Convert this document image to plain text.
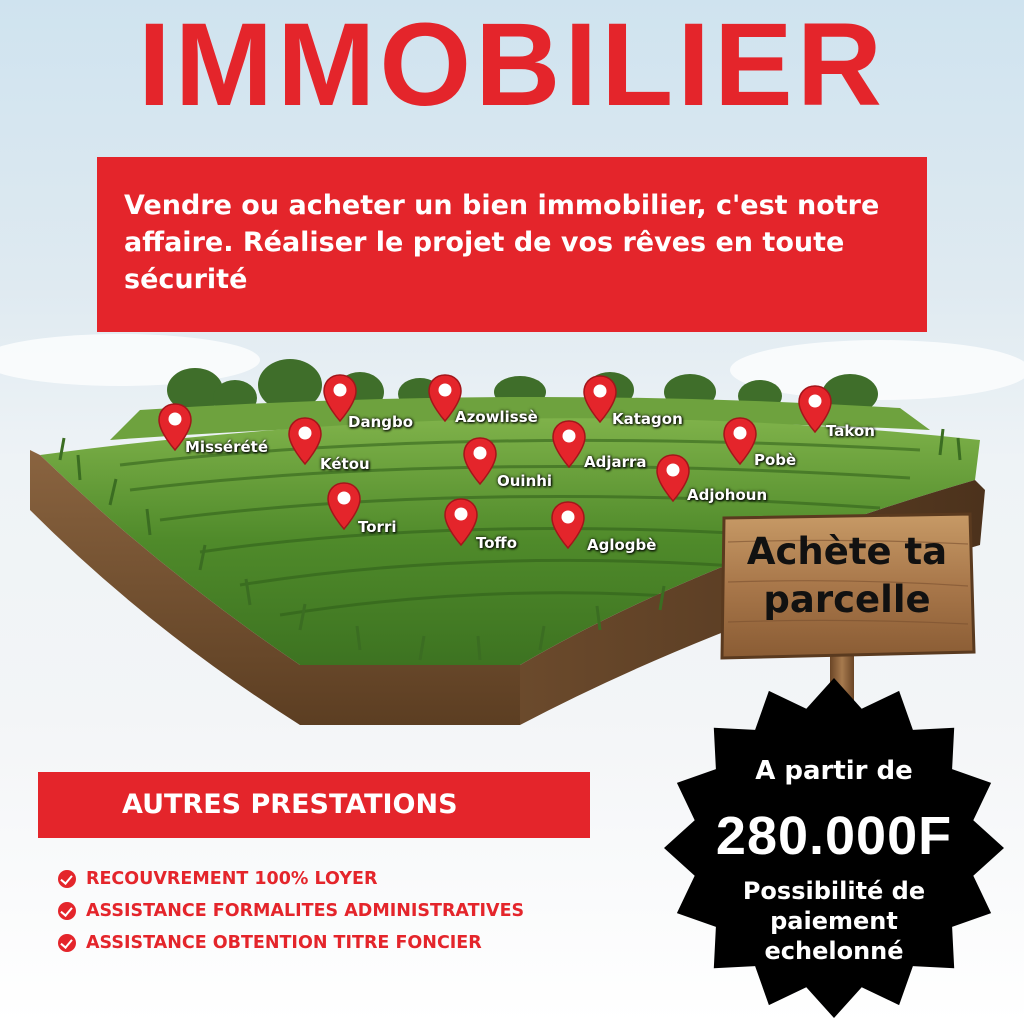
IMMOBILIER
Vendre ou acheter un bien immobilier, c'est notre affaire. Réaliser le projet de vos rêves en toute sécurité
Missérété
Dangbo	Azowlissè	Katagon
Takon
Kétou
Ouinhi
Adjarra	Pobè
Adjohoun
Torri
Toffo	Aglogbè	Achète ta
parcelle
A partir de
280.000F
Possibilité de
paiement
echelonné
AUTRES PRESTATIONS
RECOUVREMENT 100% LOYER
ASSISTANCE FORMALITES ADMINISTRATIVES
ASSISTANCE OBTENTION TITRE FONCIER
